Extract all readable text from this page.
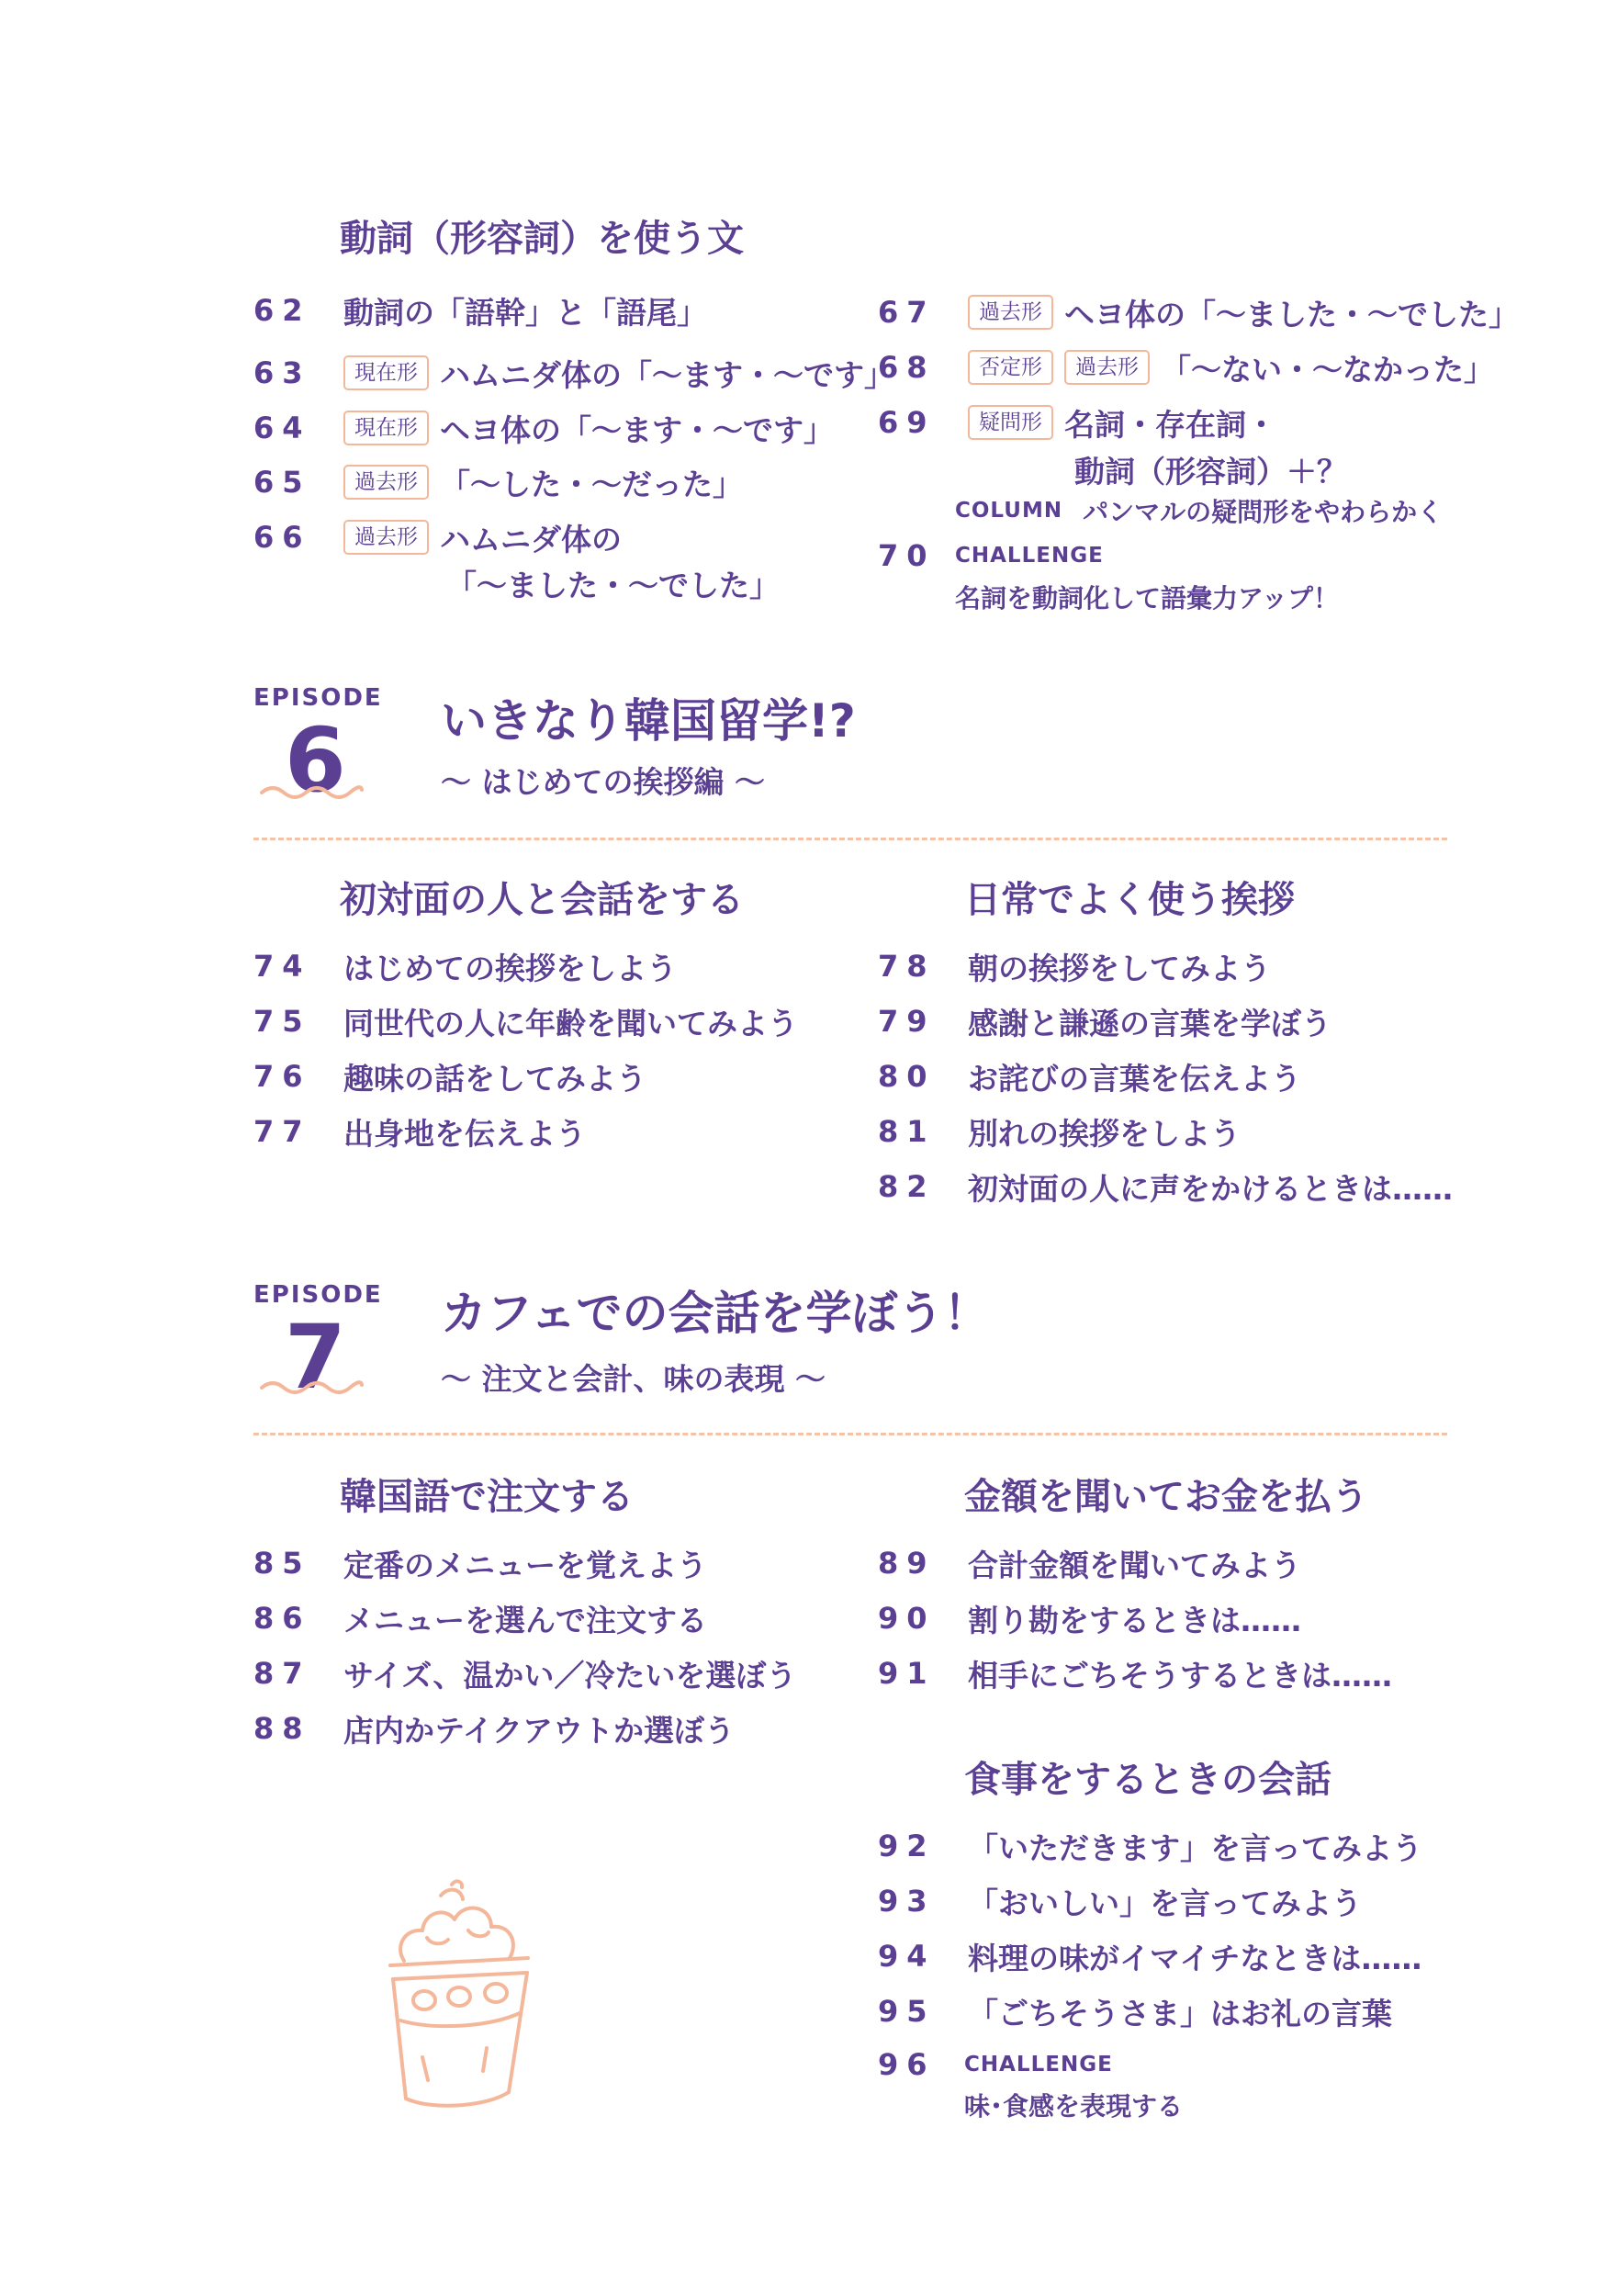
動詞（形容詞）を使う文
62	動詞の「語幹」と「語尾」
63	現在形 ハムニダ体の「〜ます・〜です」
64	現在形 ヘヨ体の「〜ます・〜です」
65	過去形 「〜した・〜だった」
66	過去形 ハムニダ体の
「〜ました・〜でした」
67	過去形 ヘヨ体の「〜ました・〜でした」
68	否定形	過去形 「〜ない・〜なかった」
69	疑問形 名詞・存在詞・
動詞（形容詞）＋？
COLUMN パンマルの疑問形をやわらかく
70 CHALLENGE
名詞を動詞化して語彙力アップ！
EPISODE
6 いきなり韓国留学!?
〜 はじめての挨拶編 〜
初対面の人と会話をする	日常でよく使う挨拶
74	はじめての挨拶をしよう
75	同世代の人に年齢を聞いてみよう
76	趣味の話をしてみよう
77	出身地を伝えよう
78	朝の挨拶をしてみよう
79	感謝と謙遜の言葉を学ぼう
80	お詫びの言葉を伝えよう
81	別れの挨拶をしよう
82	初対面の人に声をかけるときは……
EPISODE
7 カフェでの会話を学ぼう！
〜 注文と会計、味の表現 〜
韓国語で注文する	金額を聞いてお金を払う
85	定番のメニューを覚えよう
86	メニューを選んで注文する
87	サイズ、温かい／冷たいを選ぼう
88	店内かテイクアウトか選ぼう
89	合計金額を聞いてみよう
90	割り勘をするときは……
91	相手にごちそうするときは……
食事をするときの会話
92	「いただきます」を言ってみよう
93	「おいしい」を言ってみよう
94	料理の味がイマイチなときは……
95	「ごちそうさま」はお礼の言葉
96	CHALLENGE
味･食感を表現する
